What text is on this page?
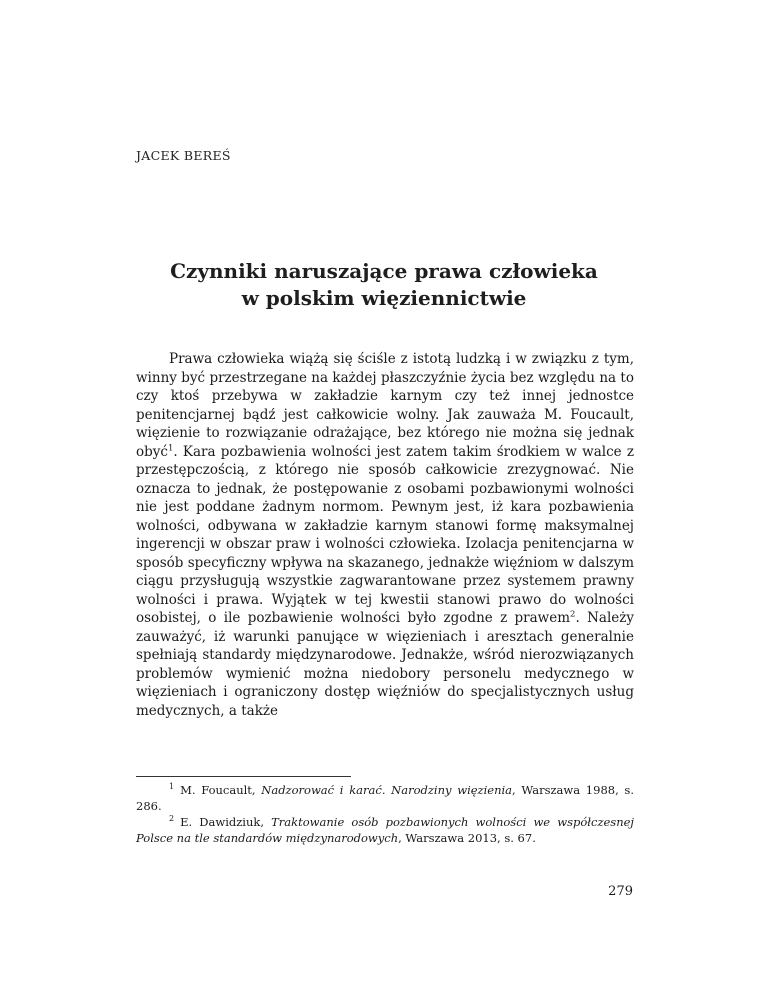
JACEK BEREŚ
Czynniki naruszające prawa człowieka
w polskim więziennictwie

Prawa człowieka wiążą się ściśle z istotą ludzką i w związku z tym, winny być przestrzegane na każdej płaszczyźnie życia bez względu na to czy ktoś przebywa w zakładzie karnym czy też innej jednostce penitencjarnej bądź jest całkowicie wolny. Jak zauważa M. Foucault, więzienie to rozwiązanie odrażające, bez którego nie można się jednak obyć$^1$. Kara pozbawienia wolności jest zatem takim środkiem w walce z przestępczością, z którego nie sposób całkowicie zrezygnować. Nie oznacza to jednak, że postępowanie z osobami pozbawionymi wolności nie jest poddane żadnym normom. Pewnym jest, iż kara pozbawienia wolności, odbywana w zakładzie karnym stanowi formę maksymalnej ingerencji w obszar praw i wolności człowieka. Izolacja penitencjarna w sposób specyficzny wpływa na skazanego, jednakże więźniom w dalszym ciągu przysługują wszystkie zagwarantowane przez systemem prawny wolności i prawa. Wyjątek w tej kwestii stanowi prawo do wolności osobistej, o ile pozbawienie wolności było zgodne z prawem$^2$. Należy zauważyć, iż warunki panujące w więzieniach i aresztach generalnie spełniają standardy międzynarodowe. Jednakże, wśród nierozwiązanych problemów wymienić można niedobory personelu medycznego w więzieniach i ograniczony dostęp więźniów do specjalistycznych usług medycznych, a także

$^1$ M. Foucault, Nadzorować i karać. Narodziny więzienia, Warszawa 1988, s. 286.

$^2$ E. Dawidziuk, Traktowanie osób pozbawionych wolności we współczesnej Polsce na tle standardów międzynarodowych, Warszawa 2013, s. 67.

279
